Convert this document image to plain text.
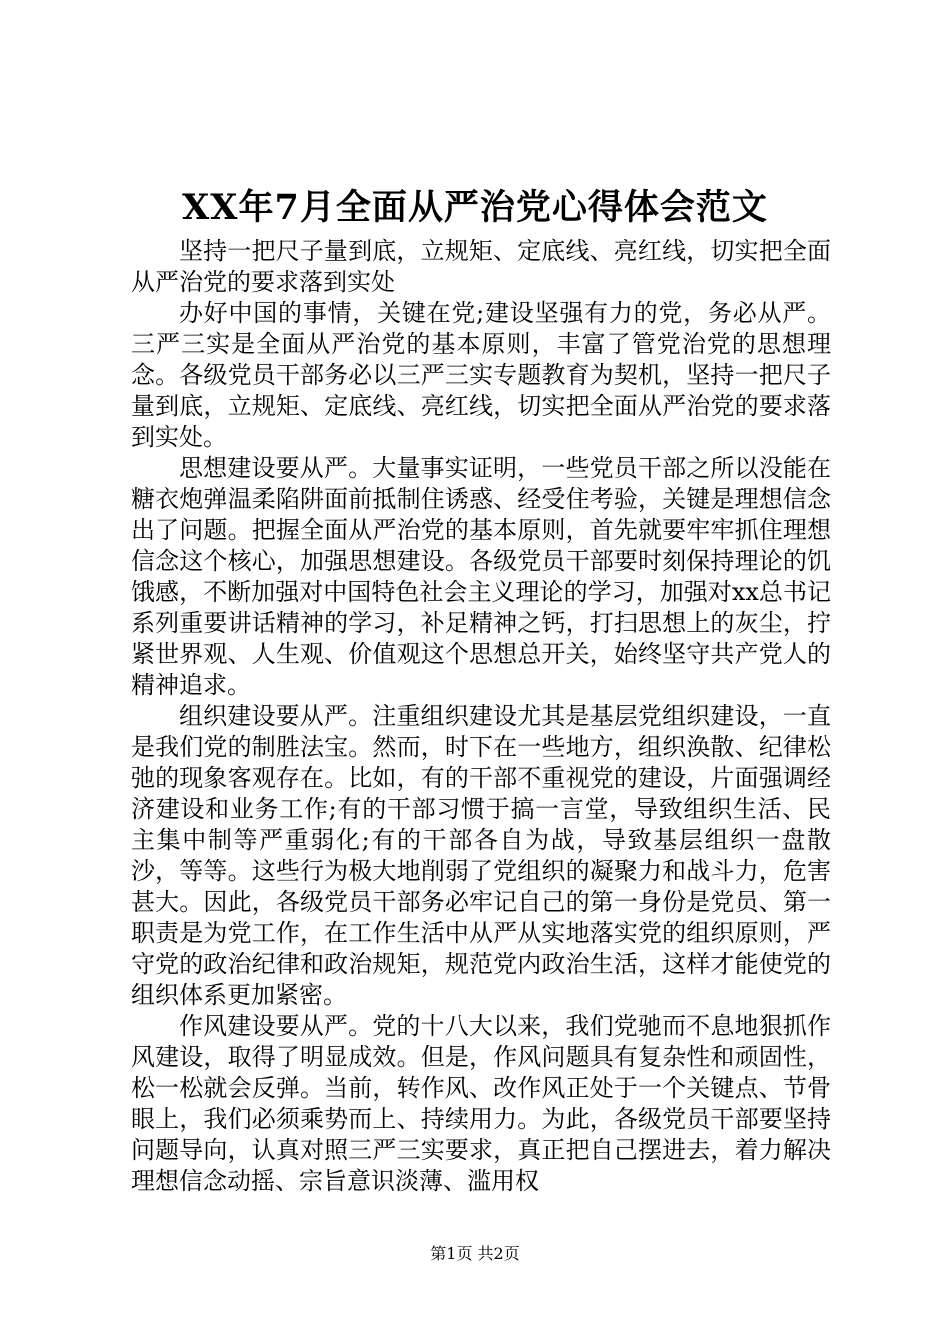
XX年7月全面从严治党心得体会范文

坚持一把尺子量到底，立规矩、定底线、亮红线，切实把全面从严治党的要求落到实处

办好中国的事情，关键在党;建设坚强有力的党，务必从严。三严三实是全面从严治党的基本原则，丰富了管党治党的思想理念。各级党员干部务必以三严三实专题教育为契机，坚持一把尺子量到底，立规矩、定底线、亮红线，切实把全面从严治党的要求落到实处。

思想建设要从严。大量事实证明，一些党员干部之所以没能在糖衣炮弹温柔陷阱面前抵制住诱惑、经受住考验，关键是理想信念出了问题。把握全面从严治党的基本原则，首先就要牢牢抓住理想信念这个核心，加强思想建设。各级党员干部要时刻保持理论的饥饿感，不断加强对中国特色社会主义理论的学习，加强对xx总书记系列重要讲话精神的学习，补足精神之钙，打扫思想上的灰尘，拧紧世界观、人生观、价值观这个思想总开关，始终坚守共产党人的精神追求。

组织建设要从严。注重组织建设尤其是基层党组织建设，一直是我们党的制胜法宝。然而，时下在一些地方，组织涣散、纪律松弛的现象客观存在。比如，有的干部不重视党的建设，片面强调经济建设和业务工作;有的干部习惯于搞一言堂，导致组织生活、民主集中制等严重弱化;有的干部各自为战，导致基层组织一盘散沙，等等。这些行为极大地削弱了党组织的凝聚力和战斗力，危害甚大。因此，各级党员干部务必牢记自己的第一身份是党员、第一职责是为党工作，在工作生活中从严从实地落实党的组织原则，严守党的政治纪律和政治规矩，规范党内政治生活，这样才能使党的组织体系更加紧密。

作风建设要从严。党的十八大以来，我们党驰而不息地狠抓作风建设，取得了明显成效。但是，作风问题具有复杂性和顽固性，松一松就会反弹。当前，转作风、改作风正处于一个关键点、节骨眼上，我们必须乘势而上、持续用力。为此，各级党员干部要坚持问题导向，认真对照三严三实要求，真正把自己摆进去，着力解决理想信念动摇、宗旨意识淡薄、滥用权

第1页 共2页
